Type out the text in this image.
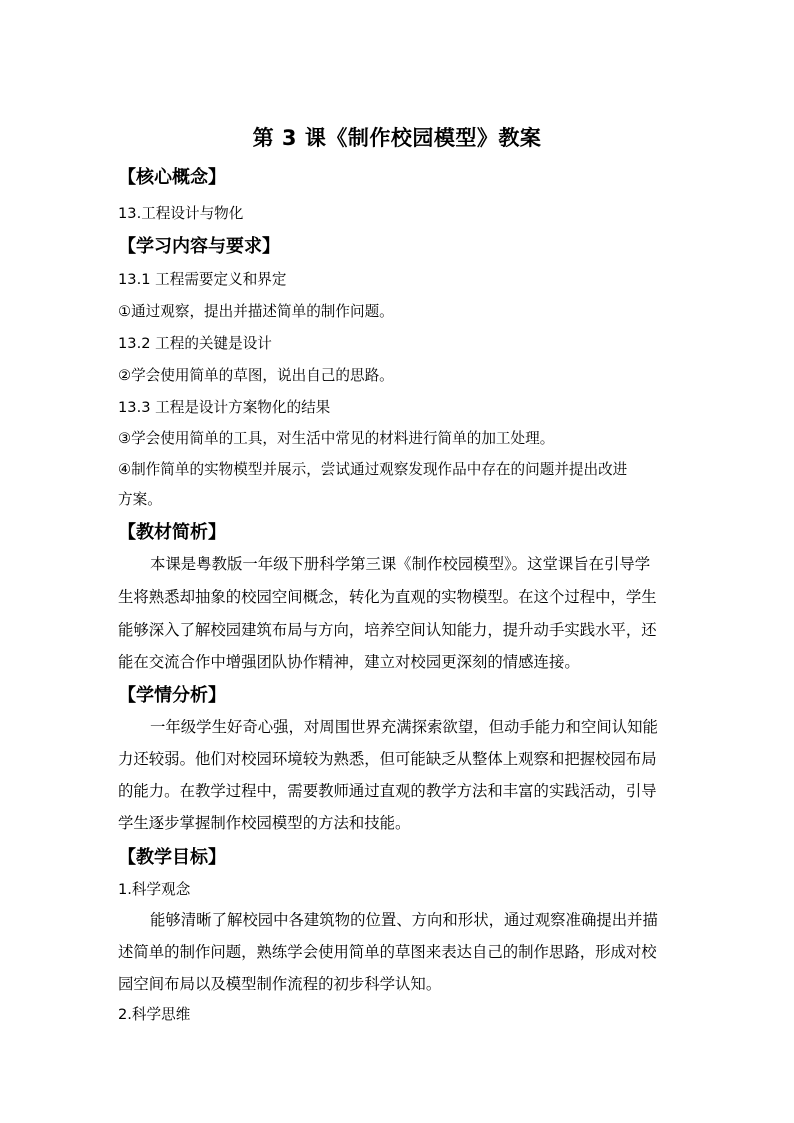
第 3 课《制作校园模型》教案

【核心概念】

13.工程设计与物化

【学习内容与要求】

13.1 工程需要定义和界定

①通过观察，提出并描述简单的制作问题。

13.2 工程的关键是设计

②学会使用简单的草图，说出自己的思路。

13.3 工程是设计方案物化的结果

③学会使用简单的工具，对生活中常见的材料进行简单的加工处理。

④制作简单的实物模型并展示，尝试通过观察发现作品中存在的问题并提出改进

方案。

【教材简析】

本课是粤教版一年级下册科学第三课《制作校园模型》。这堂课旨在引导学

生将熟悉却抽象的校园空间概念，转化为直观的实物模型。在这个过程中，学生

能够深入了解校园建筑布局与方向，培养空间认知能力，提升动手实践水平，还

能在交流合作中增强团队协作精神，建立对校园更深刻的情感连接。

【学情分析】

一年级学生好奇心强，对周围世界充满探索欲望，但动手能力和空间认知能

力还较弱。他们对校园环境较为熟悉，但可能缺乏从整体上观察和把握校园布局

的能力。在教学过程中，需要教师通过直观的教学方法和丰富的实践活动，引导

学生逐步掌握制作校园模型的方法和技能。

【教学目标】

1.科学观念

能够清晰了解校园中各建筑物的位置、方向和形状，通过观察准确提出并描

述简单的制作问题，熟练学会使用简单的草图来表达自己的制作思路，形成对校

园空间布局以及模型制作流程的初步科学认知。

2.科学思维
